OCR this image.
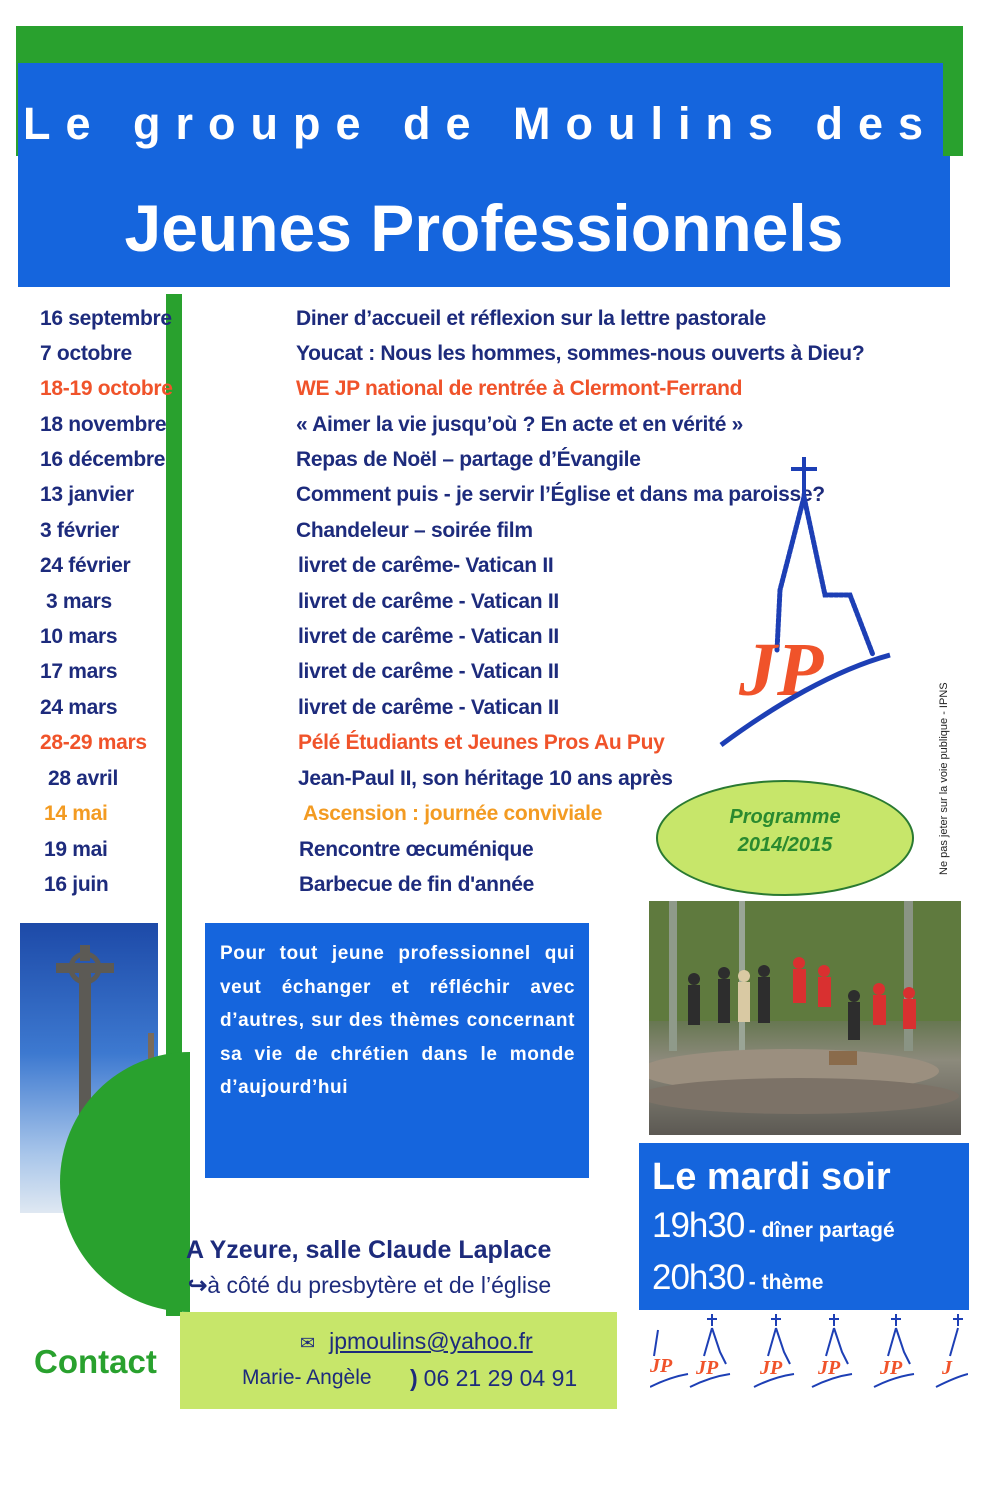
Le groupe de Moulins des
Jeunes Professionnels
16 septembre	Diner d’accueil et réflexion sur la lettre pastorale
7 octobre	Youcat : Nous les hommes, sommes-nous ouverts à Dieu?
18-19 octobre	WE JP national de rentrée à Clermont-Ferrand
18 novembre	« Aimer la vie jusqu’où ? En acte et en vérité »
16 décembre	Repas de Noël – partage d’Évangile
13 janvier	Comment puis - je servir l’Église et dans ma paroisse?
3 février	Chandeleur – soirée film
24 février	livret de carême- Vatican II
3 mars	livret de carême - Vatican II
10 mars	livret de carême - Vatican II
17 mars	livret de carême - Vatican II
24 mars	livret de carême - Vatican II
28-29 mars	Pélé Étudiants et Jeunes Pros Au Puy
28 avril	Jean-Paul II, son héritage 10 ans après
14 mai	Ascension : journée conviviale
19 mai	Rencontre œcuménique
16 juin	Barbecue de fin d'année
JP
Ne pas jeter sur la voie publique - IPNS
Programme
2014/2015
Pour tout jeune professionnel qui veut échanger et réfléchir avec d’autres, sur des thèmes concernant sa vie de chrétien dans le monde d’aujourd’hui
Le mardi soir
19h30 - dîner partagé
20h30 - thème
A Yzeure, salle Claude Laplace
↪à côté du presbytère et de l’église
Contact	✉ jpmoulins@yahoo.fr
Marie- Angèle ) 06 21 29 04 91	JP JP JP JP JP J
